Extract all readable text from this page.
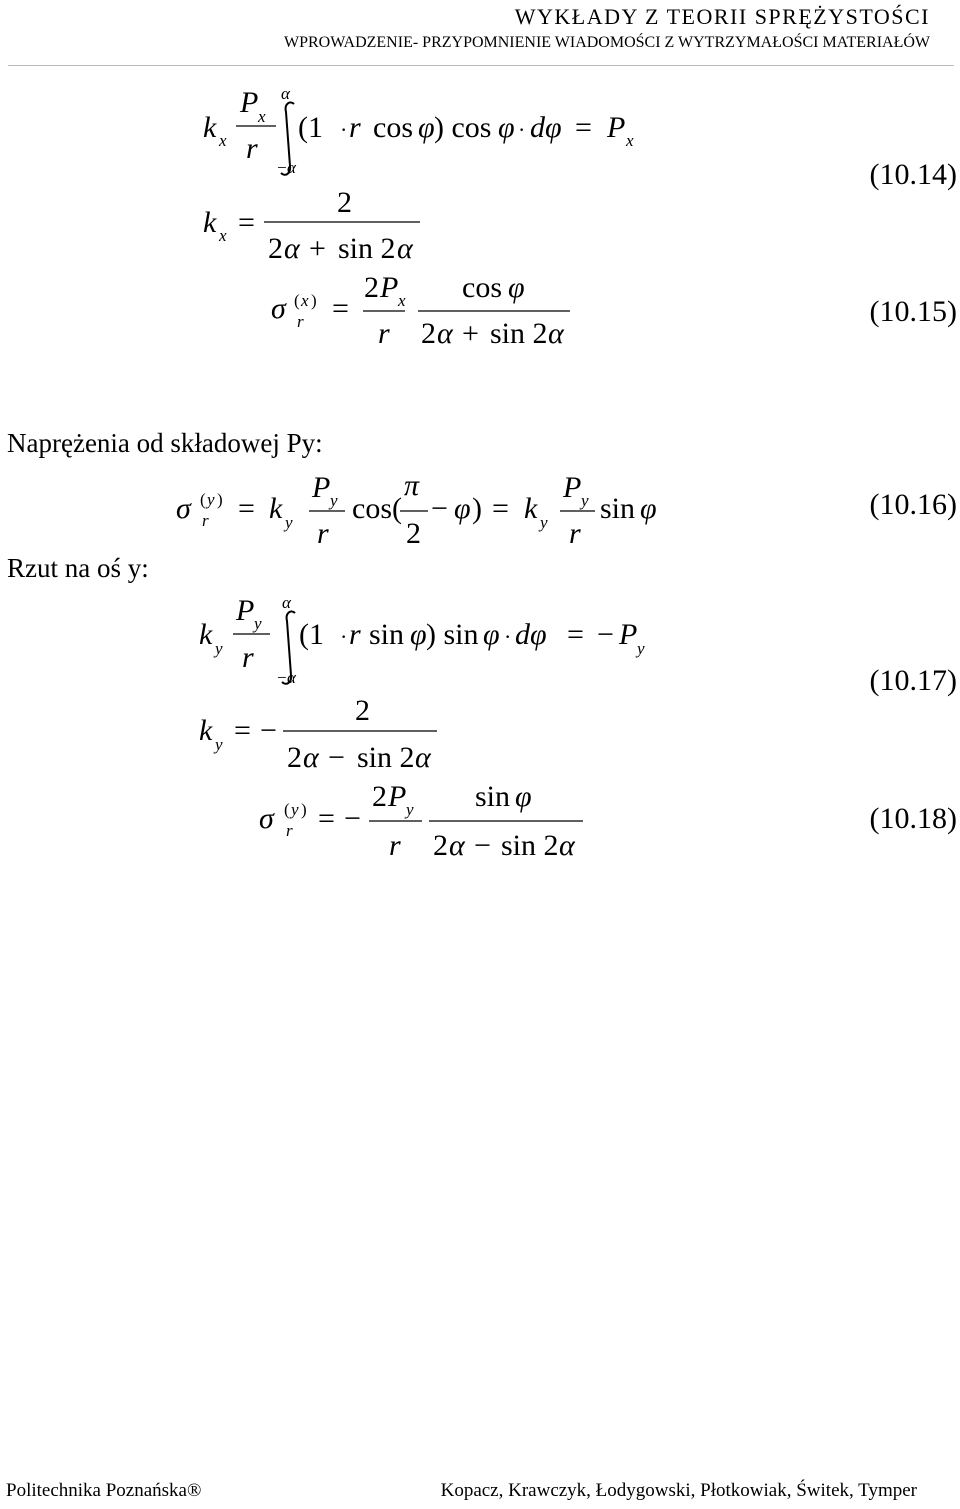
WYKŁADY Z TEORII SPRĘŻYSTOŚCI
WPROWADZENIE- PRZYPOMNIENIE WIADOMOŚCI Z WYTRZYMAŁOŚCI MATERIAŁÓW
k x
P x
r
α
− α
(1 · r cos φ ) cos φ · dφ = P x
k x =
2
2 α + sin 2 α
σ ( x )
r =
2 P x
r
cos φ
2 α + sin 2 α
(10.14)
(10.15)
Naprężenia od składowej Py:
σ ( y )
r = k y
P y
r
cos(
π
2
− φ ) = k y
P y
r
sin φ	(10.16)
Rzut na oś y:
k y
P y
r
α
− α
(1 · r sin φ ) sin φ · dφ = − P y
k y = −
2
2 α − sin 2 α
σ ( y )
r = −
2 P y
r
sin φ
2 α − sin 2 α
(10.17)
(10.18)
Politechnika Poznańska®	Kopacz, Krawczyk, Łodygowski, Płotkowiak, Świtek, Tymper
